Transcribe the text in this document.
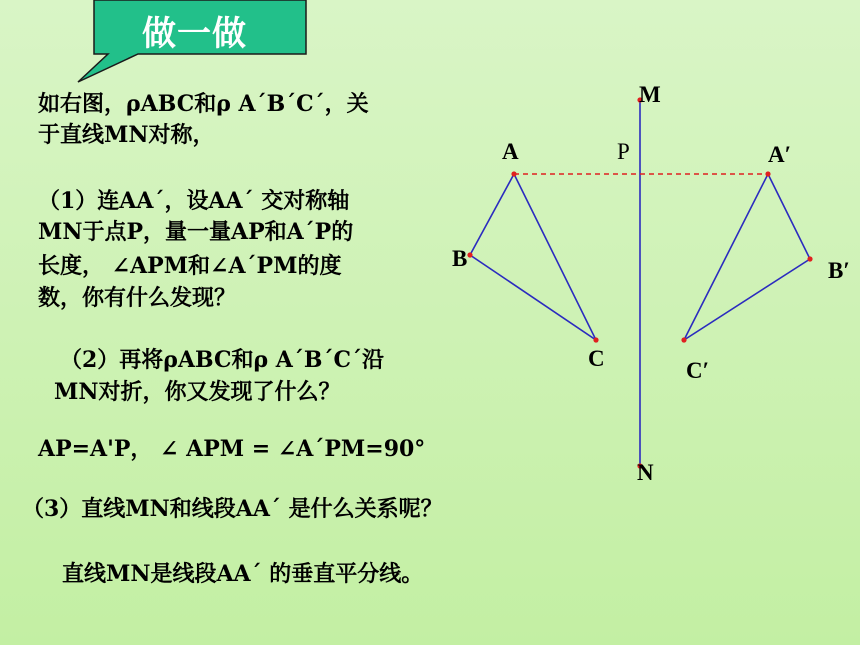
做一做
如右图，ρABC和ρ A´B´C´，关
于直线MN对称，
（1）连AA´，设AA´ 交对称轴
MN于点P，量一量AP和A´P的
长度， ∠APM和∠A´PM的度
数，你有什么发现？
（2）再将ρABC和ρ A´B´C´沿
MN对折，你又发现了什么？
AP=A'P， ∠ APM = ∠A´PM=90°
（3）直线MN和线段AA´ 是什么关系呢？
直线MN是线段AA´ 的垂直平分线。
M
N
P
A
B
C
A′
B′
C′
